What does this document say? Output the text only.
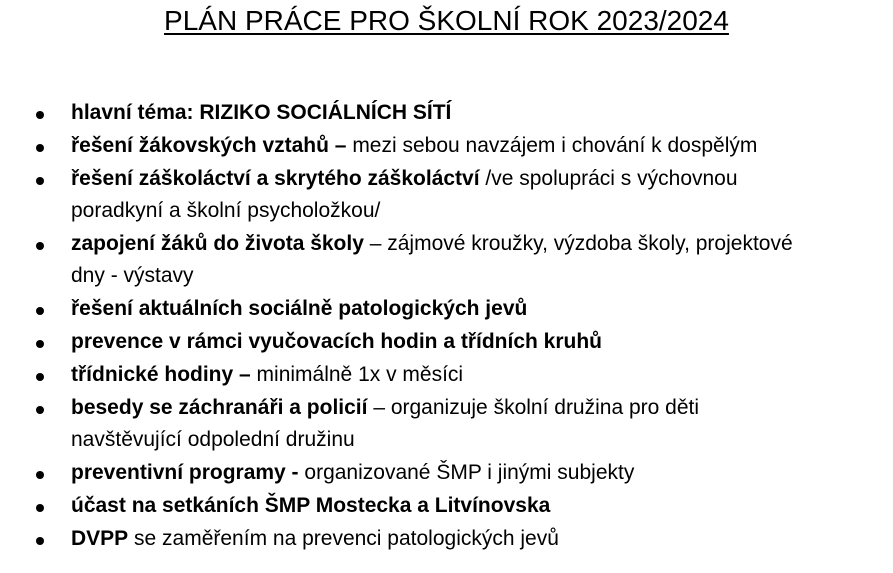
PLÁN PRÁCE PRO ŠKOLNÍ ROK 2023/2024
hlavní téma: RIZIKO SOCIÁLNÍCH SÍTÍ
řešení žákovských vztahů – mezi sebou navzájem i chování k dospělým
řešení záškoláctví a skrytého záškoláctví /ve spolupráci s výchovnou
poradkyní a školní psycholožkou/
zapojení žáků do života školy – zájmové kroužky, výzdoba školy, projektové
dny - výstavy
řešení aktuálních sociálně patologických jevů
prevence v rámci vyučovacích hodin a třídních kruhů
třídnické hodiny – minimálně 1x v měsíci
besedy se záchranáři a policií – organizuje školní družina pro děti
navštěvující odpolední družinu
preventivní programy - organizované ŠMP i jinými subjekty
účast na setkáních ŠMP Mostecka a Litvínovska
DVPP se zaměřením na prevenci patologických jevů
